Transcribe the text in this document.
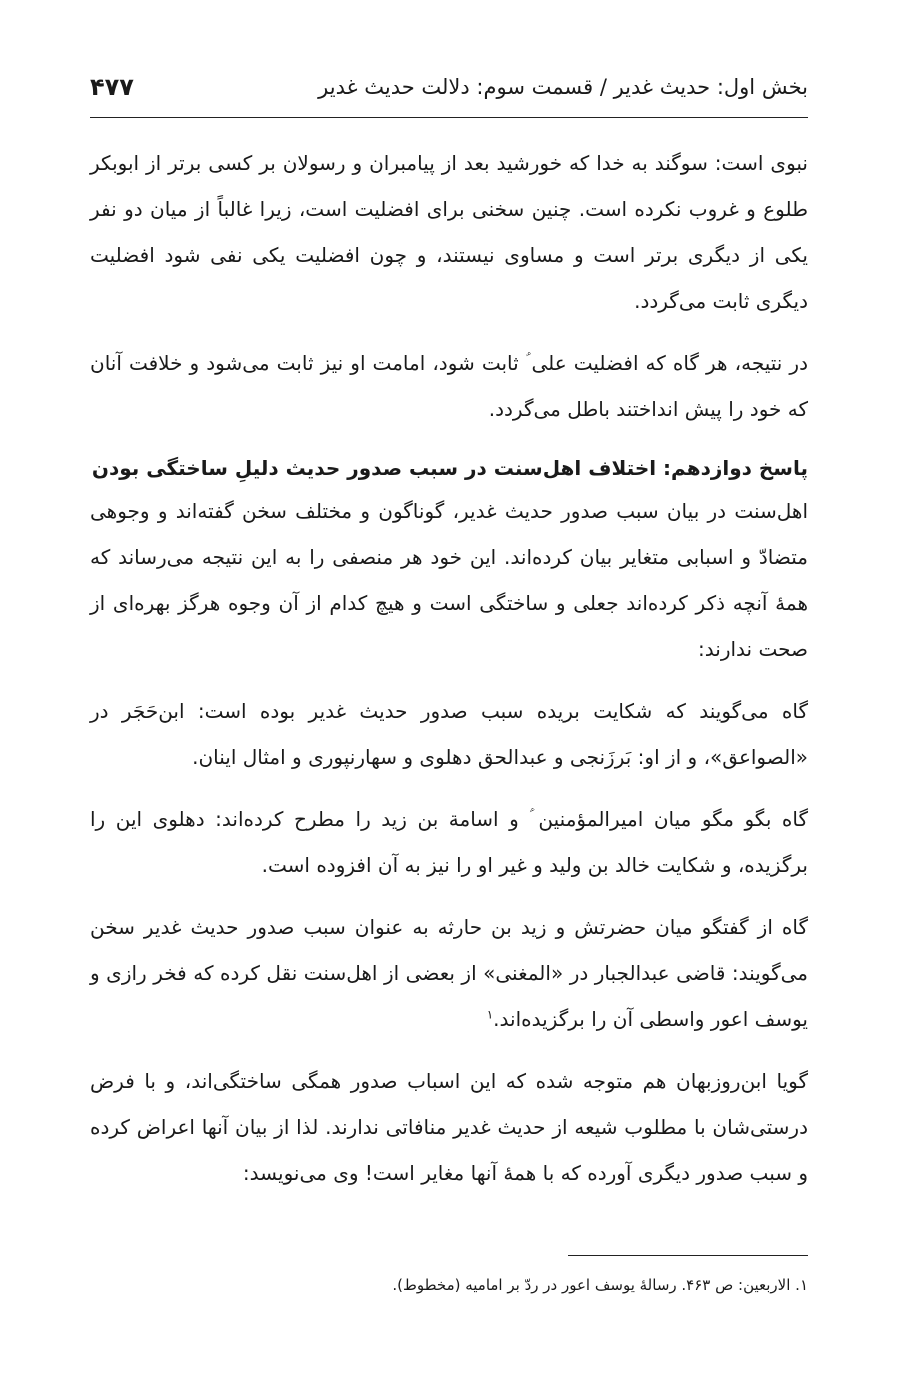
بخش اول: حدیث غدیر / قسمت سوم: دلالت حدیث غدیر
۴۷۷

نبوی است: سوگند به خدا که خورشید بعد از پیامبران و رسولان بر کسی برتر از ابوبکر طلوع و غروب نکرده است. چنین سخنی برای افضلیت است، زیرا غالباً از میان دو نفر یکی از دیگری برتر است و مساوی نیستند، و چون افضلیت یکی نفی شود افضلیت دیگری ثابت می‌گردد.

در نتیجه، هر گاه که افضلیت علی ؑ ثابت شود، امامت او نیز ثابت می‌شود و خلافت آنان که خود را پیش انداختند باطل می‌گردد.

پاسخ دوازدهم: اختلاف اهل‌سنت در سبب صدور حدیث دلیلِ ساختگی بودن

اهل‌سنت در بیان سبب صدور حدیث غدیر، گوناگون و مختلف سخن گفته‌اند و وجوهی متضادّ و اسبابی متغایر بیان کرده‌اند. این خود هر منصفی را به این نتیجه می‌رساند که همهٔ آنچه ذکر کرده‌اند جعلی و ساختگی است و هیچ کدام از آن وجوه هرگز بهره‌ای از صحت ندارند:

گاه می‌گویند که شکایت بریده سبب صدور حدیث غدیر بوده است: ابن‌حَجَر در «الصواعق»، و از او: بَرزَنجی و عبدالحق دهلوی و سهارنپوری و امثال اینان.

گاه بگو مگو میان امیرالمؤمنین ؑ و اسامة بن زید را مطرح کرده‌اند: دهلوی این را برگزیده، و شکایت خالد بن ولید و غیر او را نیز به آن افزوده است.

گاه از گفتگو میان حضرتش و زید بن حارثه به عنوان سبب صدور حدیث غدیر سخن می‌گویند: قاضی عبدالجبار در «المغنی» از بعضی از اهل‌سنت نقل کرده که فخر رازی و یوسف اعور واسطی آن را برگزیده‌اند.$^۱$

گویا ابن‌روزبهان هم متوجه شده که این اسباب صدور همگی ساختگی‌اند، و با فرض درستی‌شان با مطلوب شیعه از حدیث غدیر منافاتی ندارند. لذا از بیان آنها اعراض کرده و سبب صدور دیگری آورده که با همهٔ آنها مغایر است! وی می‌نویسد:

۱. الاربعین: ص ۴۶۳. رسالهٔ یوسف اعور در ردّ بر امامیه (مخطوط).
